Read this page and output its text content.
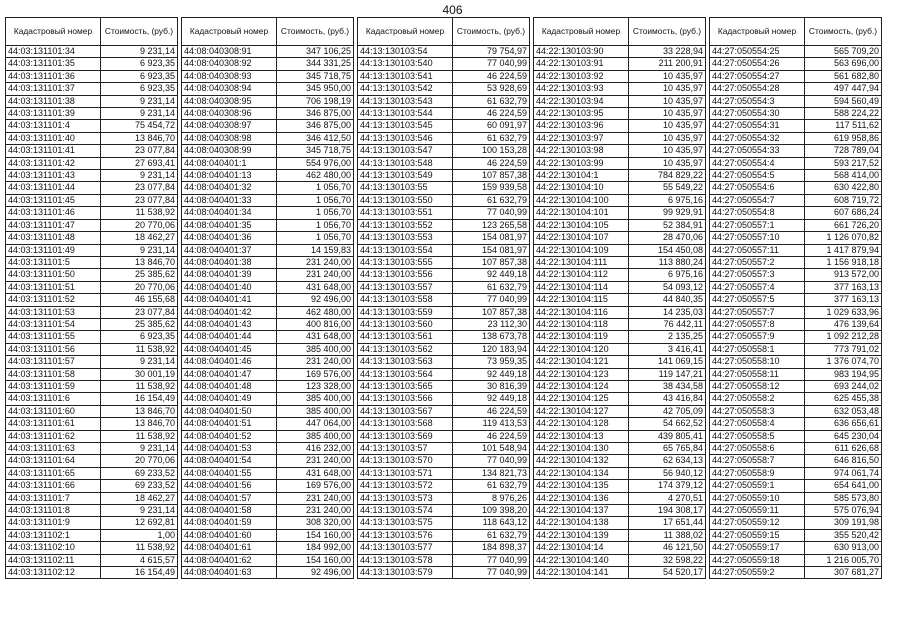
406
Кадастровый номер	Стоимость, (руб.)
44:03:131101:34	9 231,14
44:03:131101:35	6 923,35
44:03:131101:36	6 923,35
44:03:131101:37	6 923,35
44:03:131101:38	9 231,14
44:03:131101:39	9 231,14
44:03:131101:4	75 454,72
44:03:131101:40	13 846,70
44:03:131101:41	23 077,84
44:03:131101:42	27 693,41
44:03:131101:43	9 231,14
44:03:131101:44	23 077,84
44:03:131101:45	23 077,84
44:03:131101:46	11 538,92
44:03:131101:47	20 770,06
44:03:131101:48	18 462,27
44:03:131101:49	9 231,14
44:03:131101:5	13 846,70
44:03:131101:50	25 385,62
44:03:131101:51	20 770,06
44:03:131101:52	46 155,68
44:03:131101:53	23 077,84
44:03:131101:54	25 385,62
44:03:131101:55	6 923,35
44:03:131101:56	11 538,92
44:03:131101:57	9 231,14
44:03:131101:58	30 001,19
44:03:131101:59	11 538,92
44:03:131101:6	16 154,49
44:03:131101:60	13 846,70
44:03:131101:61	13 846,70
44:03:131101:62	11 538,92
44:03:131101:63	9 231,14
44:03:131101:64	20 770,06
44:03:131101:65	69 233,52
44:03:131101:66	69 233,52
44:03:131101:7	18 462,27
44:03:131101:8	9 231,14
44:03:131101:9	12 692,81
44:03:131102:1	1,00
44:03:131102:10	11 538,92
44:03:131102:11	4 615,57
44:03:131102:12	16 154,49
Кадастровый номер	Стоимость, (руб.)
44:08:040308:91	347 106,25
44:08:040308:92	344 331,25
44:08:040308:93	345 718,75
44:08:040308:94	345 950,00
44:08:040308:95	706 198,19
44:08:040308:96	346 875,00
44:08:040308:97	346 875,00
44:08:040308:98	346 412,50
44:08:040308:99	345 718,75
44:08:040401:1	554 976,00
44:08:040401:13	462 480,00
44:08:040401:32	1 056,70
44:08:040401:33	1 056,70
44:08:040401:34	1 056,70
44:08:040401:35	1 056,70
44:08:040401:36	1 056,70
44:08:040401:37	14 159,83
44:08:040401:38	231 240,00
44:08:040401:39	231 240,00
44:08:040401:40	431 648,00
44:08:040401:41	92 496,00
44:08:040401:42	462 480,00
44:08:040401:43	400 816,00
44:08:040401:44	431 648,00
44:08:040401:45	385 400,00
44:08:040401:46	231 240,00
44:08:040401:47	169 576,00
44:08:040401:48	123 328,00
44:08:040401:49	385 400,00
44:08:040401:50	385 400,00
44:08:040401:51	447 064,00
44:08:040401:52	385 400,00
44:08:040401:53	416 232,00
44:08:040401:54	231 240,00
44:08:040401:55	431 648,00
44:08:040401:56	169 576,00
44:08:040401:57	231 240,00
44:08:040401:58	231 240,00
44:08:040401:59	308 320,00
44:08:040401:60	154 160,00
44:08:040401:61	184 992,00
44:08:040401:62	154 160,00
44:08:040401:63	92 496,00
Кадастровый номер	Стоимость, (руб.)
44:13:130103:54	79 754,97
44:13:130103:540	77 040,99
44:13:130103:541	46 224,59
44:13:130103:542	53 928,69
44:13:130103:543	61 632,79
44:13:130103:544	46 224,59
44:13:130103:545	60 091,97
44:13:130103:546	61 632,79
44:13:130103:547	100 153,28
44:13:130103:548	46 224,59
44:13:130103:549	107 857,38
44:13:130103:55	159 939,58
44:13:130103:550	61 632,79
44:13:130103:551	77 040,99
44:13:130103:552	123 265,58
44:13:130103:553	154 081,97
44:13:130103:554	154 081,97
44:13:130103:555	107 857,38
44:13:130103:556	92 449,18
44:13:130103:557	61 632,79
44:13:130103:558	77 040,99
44:13:130103:559	107 857,38
44:13:130103:560	23 112,30
44:13:130103:561	138 673,78
44:13:130103:562	120 183,94
44:13:130103:563	73 959,35
44:13:130103:564	92 449,18
44:13:130103:565	30 816,39
44:13:130103:566	92 449,18
44:13:130103:567	46 224,59
44:13:130103:568	119 413,53
44:13:130103:569	46 224,59
44:13:130103:57	101 548,94
44:13:130103:570	77 040,99
44:13:130103:571	134 821,73
44:13:130103:572	61 632,79
44:13:130103:573	8 976,26
44:13:130103:574	109 398,20
44:13:130103:575	118 643,12
44:13:130103:576	61 632,79
44:13:130103:577	184 898,37
44:13:130103:578	77 040,99
44:13:130103:579	77 040,99
Кадастровый номер	Стоимость, (руб.)
44:22:130103:90	33 228,94
44:22:130103:91	211 200,91
44:22:130103:92	10 435,97
44:22:130103:93	10 435,97
44:22:130103:94	10 435,97
44:22:130103:95	10 435,97
44:22:130103:96	10 435,97
44:22:130103:97	10 435,97
44:22:130103:98	10 435,97
44:22:130103:99	10 435,97
44:22:130104:1	784 829,22
44:22:130104:10	55 549,22
44:22:130104:100	6 975,16
44:22:130104:101	99 929,91
44:22:130104:105	52 384,91
44:22:130104:107	28 470,06
44:22:130104:109	154 450,08
44:22:130104:111	113 880,24
44:22:130104:112	6 975,16
44:22:130104:114	54 093,12
44:22:130104:115	44 840,35
44:22:130104:116	14 235,03
44:22:130104:118	76 442,11
44:22:130104:119	2 135,25
44:22:130104:120	3 416,41
44:22:130104:121	141 069,15
44:22:130104:123	119 147,21
44:22:130104:124	38 434,58
44:22:130104:125	43 416,84
44:22:130104:127	42 705,09
44:22:130104:128	54 662,52
44:22:130104:13	439 805,41
44:22:130104:130	65 765,84
44:22:130104:132	62 634,13
44:22:130104:134	56 940,12
44:22:130104:135	174 379,12
44:22:130104:136	4 270,51
44:22:130104:137	194 308,17
44:22:130104:138	17 651,44
44:22:130104:139	11 388,02
44:22:130104:14	46 121,50
44:22:130104:140	32 598,22
44:22:130104:141	54 520,17
Кадастровый номер	Стоимость, (руб.)
44:27:050554:25	565 709,20
44:27:050554:26	563 696,00
44:27:050554:27	561 682,80
44:27:050554:28	497 447,94
44:27:050554:3	594 560,49
44:27:050554:30	588 224,22
44:27:050554:31	117 511,62
44:27:050554:32	619 958,86
44:27:050554:33	728 789,04
44:27:050554:4	593 217,52
44:27:050554:5	568 414,00
44:27:050554:6	630 422,80
44:27:050554:7	608 719,72
44:27:050554:8	607 686,24
44:27:050557:1	661 726,20
44:27:050557:10	1 126 070,82
44:27:050557:11	1 417 879,94
44:27:050557:2	1 156 918,18
44:27:050557:3	913 572,00
44:27:050557:4	377 163,13
44:27:050557:5	377 163,13
44:27:050557:7	1 029 633,96
44:27:050557:8	476 139,64
44:27:050557:9	1 092 212,28
44:27:050558:1	773 791,02
44:27:050558:10	1 376 074,70
44:27:050558:11	983 194,95
44:27:050558:12	693 244,02
44:27:050558:2	625 455,38
44:27:050558:3	632 053,48
44:27:050558:4	636 656,61
44:27:050558:5	645 230,04
44:27:050558:6	611 626,68
44:27:050558:7	646 816,50
44:27:050558:9	974 061,74
44:27:050559:1	654 641,00
44:27:050559:10	585 573,80
44:27:050559:11	575 076,94
44:27:050559:12	309 191,98
44:27:050559:15	355 520,42
44:27:050559:17	630 913,00
44:27:050559:18	1 216 005,70
44:27:050559:2	307 681,27
